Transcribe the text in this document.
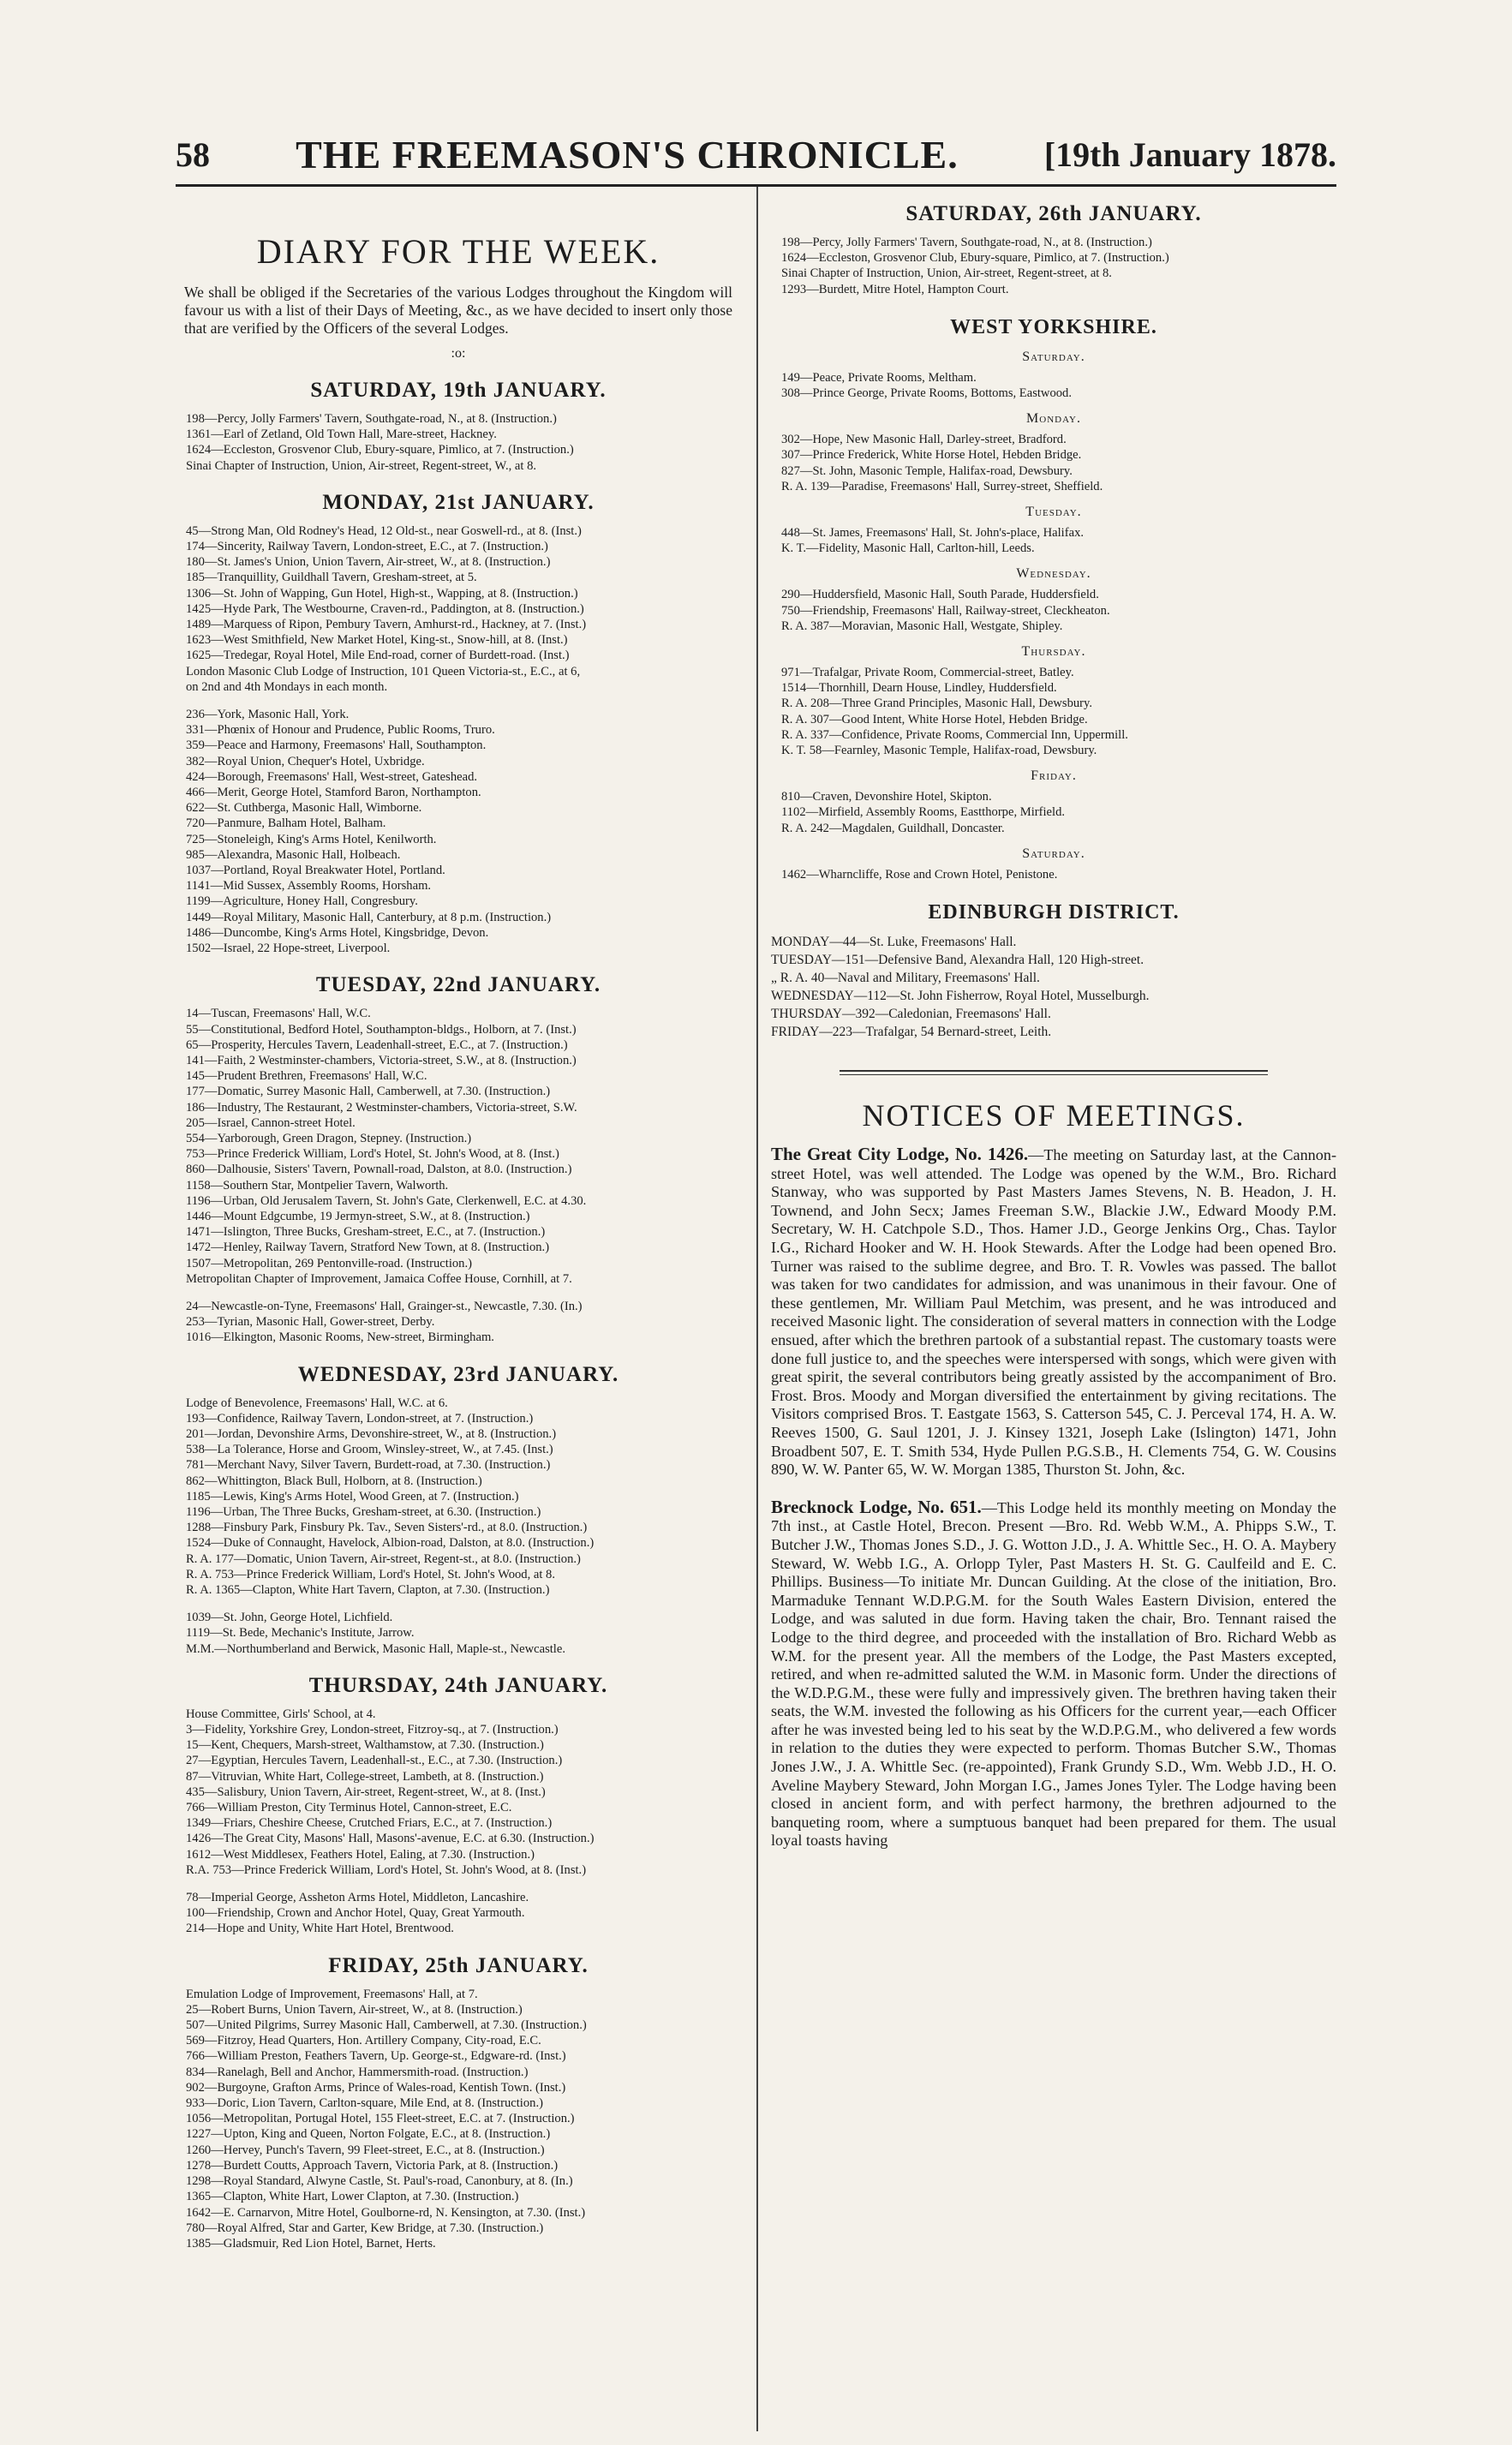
58 THE FREEMASON'S CHRONICLE.	[19th January 1878.
DIARY FOR THE WEEK.
We shall be obliged if the Secretaries of the various Lodges throughout the Kingdom will favour us with a list of their Days of Meeting, &c., as we have decided to insert only those that are verified by the Officers of the several Lodges.
:o:
SATURDAY, 19th JANUARY.
198—Percy, Jolly Farmers' Tavern, Southgate-road, N., at 8. (Instruction.)
1361—Earl of Zetland, Old Town Hall, Mare-street, Hackney.
1624—Eccleston, Grosvenor Club, Ebury-square, Pimlico, at 7. (Instruction.)
Sinai Chapter of Instruction, Union, Air-street, Regent-street, W., at 8.
MONDAY, 21st JANUARY.
45—Strong Man, Old Rodney's Head, 12 Old-st., near Goswell-rd., at 8. (Inst.)
174—Sincerity, Railway Tavern, London-street, E.C., at 7. (Instruction.)
180—St. James's Union, Union Tavern, Air-street, W., at 8. (Instruction.)
185—Tranquillity, Guildhall Tavern, Gresham-street, at 5.
1306—St. John of Wapping, Gun Hotel, High-st., Wapping, at 8. (Instruction.)
1425—Hyde Park, The Westbourne, Craven-rd., Paddington, at 8. (Instruction.)
1489—Marquess of Ripon, Pembury Tavern, Amhurst-rd., Hackney, at 7. (Inst.)
1623—West Smithfield, New Market Hotel, King-st., Snow-hill, at 8. (Inst.)
1625—Tredegar, Royal Hotel, Mile End-road, corner of Burdett-road. (Inst.)
London Masonic Club Lodge of Instruction, 101 Queen Victoria-st., E.C., at 6,
on 2nd and 4th Mondays in each month.
236—York, Masonic Hall, York.
331—Phœnix of Honour and Prudence, Public Rooms, Truro.
359—Peace and Harmony, Freemasons' Hall, Southampton.
382—Royal Union, Chequer's Hotel, Uxbridge.
424—Borough, Freemasons' Hall, West-street, Gateshead.
466—Merit, George Hotel, Stamford Baron, Northampton.
622—St. Cuthberga, Masonic Hall, Wimborne.
720—Panmure, Balham Hotel, Balham.
725—Stoneleigh, King's Arms Hotel, Kenilworth.
985—Alexandra, Masonic Hall, Holbeach.
1037—Portland, Royal Breakwater Hotel, Portland.
1141—Mid Sussex, Assembly Rooms, Horsham.
1199—Agriculture, Honey Hall, Congresbury.
1449—Royal Military, Masonic Hall, Canterbury, at 8 p.m. (Instruction.)
1486—Duncombe, King's Arms Hotel, Kingsbridge, Devon.
1502—Israel, 22 Hope-street, Liverpool.
TUESDAY, 22nd JANUARY.
14—Tuscan, Freemasons' Hall, W.C.
55—Constitutional, Bedford Hotel, Southampton-bldgs., Holborn, at 7. (Inst.)
65—Prosperity, Hercules Tavern, Leadenhall-street, E.C., at 7. (Instruction.)
141—Faith, 2 Westminster-chambers, Victoria-street, S.W., at 8. (Instruction.)
145—Prudent Brethren, Freemasons' Hall, W.C.
177—Domatic, Surrey Masonic Hall, Camberwell, at 7.30. (Instruction.)
186—Industry, The Restaurant, 2 Westminster-chambers, Victoria-street, S.W.
205—Israel, Cannon-street Hotel.
554—Yarborough, Green Dragon, Stepney. (Instruction.)
753—Prince Frederick William, Lord's Hotel, St. John's Wood, at 8. (Inst.)
860—Dalhousie, Sisters' Tavern, Pownall-road, Dalston, at 8.0. (Instruction.)
1158—Southern Star, Montpelier Tavern, Walworth.
1196—Urban, Old Jerusalem Tavern, St. John's Gate, Clerkenwell, E.C. at 4.30.
1446—Mount Edgcumbe, 19 Jermyn-street, S.W., at 8. (Instruction.)
1471—Islington, Three Bucks, Gresham-street, E.C., at 7. (Instruction.)
1472—Henley, Railway Tavern, Stratford New Town, at 8. (Instruction.)
1507—Metropolitan, 269 Pentonville-road. (Instruction.)
Metropolitan Chapter of Improvement, Jamaica Coffee House, Cornhill, at 7.
24—Newcastle-on-Tyne, Freemasons' Hall, Grainger-st., Newcastle, 7.30. (In.)
253—Tyrian, Masonic Hall, Gower-street, Derby.
1016—Elkington, Masonic Rooms, New-street, Birmingham.
WEDNESDAY, 23rd JANUARY.
Lodge of Benevolence, Freemasons' Hall, W.C. at 6.
193—Confidence, Railway Tavern, London-street, at 7. (Instruction.)
201—Jordan, Devonshire Arms, Devonshire-street, W., at 8. (Instruction.)
538—La Tolerance, Horse and Groom, Winsley-street, W., at 7.45. (Inst.)
781—Merchant Navy, Silver Tavern, Burdett-road, at 7.30. (Instruction.)
862—Whittington, Black Bull, Holborn, at 8. (Instruction.)
1185—Lewis, King's Arms Hotel, Wood Green, at 7. (Instruction.)
1196—Urban, The Three Bucks, Gresham-street, at 6.30. (Instruction.)
1288—Finsbury Park, Finsbury Pk. Tav., Seven Sisters'-rd., at 8.0. (Instruction.)
1524—Duke of Connaught, Havelock, Albion-road, Dalston, at 8.0. (Instruction.)
R. A. 177—Domatic, Union Tavern, Air-street, Regent-st., at 8.0. (Instruction.)
R. A. 753—Prince Frederick William, Lord's Hotel, St. John's Wood, at 8.
R. A. 1365—Clapton, White Hart Tavern, Clapton, at 7.30. (Instruction.)
1039—St. John, George Hotel, Lichfield.
1119—St. Bede, Mechanic's Institute, Jarrow.
M.M.—Northumberland and Berwick, Masonic Hall, Maple-st., Newcastle.
THURSDAY, 24th JANUARY.
House Committee, Girls' School, at 4.
3—Fidelity, Yorkshire Grey, London-street, Fitzroy-sq., at 7. (Instruction.)
15—Kent, Chequers, Marsh-street, Walthamstow, at 7.30. (Instruction.)
27—Egyptian, Hercules Tavern, Leadenhall-st., E.C., at 7.30. (Instruction.)
87—Vitruvian, White Hart, College-street, Lambeth, at 8. (Instruction.)
435—Salisbury, Union Tavern, Air-street, Regent-street, W., at 8. (Inst.)
766—William Preston, City Terminus Hotel, Cannon-street, E.C.
1349—Friars, Cheshire Cheese, Crutched Friars, E.C., at 7. (Instruction.)
1426—The Great City, Masons' Hall, Masons'-avenue, E.C. at 6.30. (Instruction.)
1612—West Middlesex, Feathers Hotel, Ealing, at 7.30. (Instruction.)
R.A. 753—Prince Frederick William, Lord's Hotel, St. John's Wood, at 8. (Inst.)
78—Imperial George, Assheton Arms Hotel, Middleton, Lancashire.
100—Friendship, Crown and Anchor Hotel, Quay, Great Yarmouth.
214—Hope and Unity, White Hart Hotel, Brentwood.
FRIDAY, 25th JANUARY.
Emulation Lodge of Improvement, Freemasons' Hall, at 7.
25—Robert Burns, Union Tavern, Air-street, W., at 8. (Instruction.)
507—United Pilgrims, Surrey Masonic Hall, Camberwell, at 7.30. (Instruction.)
569—Fitzroy, Head Quarters, Hon. Artillery Company, City-road, E.C.
766—William Preston, Feathers Tavern, Up. George-st., Edgware-rd. (Inst.)
834—Ranelagh, Bell and Anchor, Hammersmith-road. (Instruction.)
902—Burgoyne, Grafton Arms, Prince of Wales-road, Kentish Town. (Inst.)
933—Doric, Lion Tavern, Carlton-square, Mile End, at 8. (Instruction.)
1056—Metropolitan, Portugal Hotel, 155 Fleet-street, E.C. at 7. (Instruction.)
1227—Upton, King and Queen, Norton Folgate, E.C., at 8. (Instruction.)
1260—Hervey, Punch's Tavern, 99 Fleet-street, E.C., at 8. (Instruction.)
1278—Burdett Coutts, Approach Tavern, Victoria Park, at 8. (Instruction.)
1298—Royal Standard, Alwyne Castle, St. Paul's-road, Canonbury, at 8. (In.)
1365—Clapton, White Hart, Lower Clapton, at 7.30. (Instruction.)
1642—E. Carnarvon, Mitre Hotel, Goulborne-rd, N. Kensington, at 7.30. (Inst.)
780—Royal Alfred, Star and Garter, Kew Bridge, at 7.30. (Instruction.)
1385—Gladsmuir, Red Lion Hotel, Barnet, Herts.
SATURDAY, 26th JANUARY.
198—Percy, Jolly Farmers' Tavern, Southgate-road, N., at 8. (Instruction.)
1624—Eccleston, Grosvenor Club, Ebury-square, Pimlico, at 7. (Instruction.)
Sinai Chapter of Instruction, Union, Air-street, Regent-street, at 8.
1293—Burdett, Mitre Hotel, Hampton Court.
WEST YORKSHIRE.
Saturday.
149—Peace, Private Rooms, Meltham.
308—Prince George, Private Rooms, Bottoms, Eastwood.
Monday.
302—Hope, New Masonic Hall, Darley-street, Bradford.
307—Prince Frederick, White Horse Hotel, Hebden Bridge.
827—St. John, Masonic Temple, Halifax-road, Dewsbury.
R. A. 139—Paradise, Freemasons' Hall, Surrey-street, Sheffield.
Tuesday.
448—St. James, Freemasons' Hall, St. John's-place, Halifax.
K. T.—Fidelity, Masonic Hall, Carlton-hill, Leeds.
Wednesday.
290—Huddersfield, Masonic Hall, South Parade, Huddersfield.
750—Friendship, Freemasons' Hall, Railway-street, Cleckheaton.
R. A. 387—Moravian, Masonic Hall, Westgate, Shipley.
Thursday.
971—Trafalgar, Private Room, Commercial-street, Batley.
1514—Thornhill, Dearn House, Lindley, Huddersfield.
R. A. 208—Three Grand Principles, Masonic Hall, Dewsbury.
R. A. 307—Good Intent, White Horse Hotel, Hebden Bridge.
R. A. 337—Confidence, Private Rooms, Commercial Inn, Uppermill.
K. T. 58—Fearnley, Masonic Temple, Halifax-road, Dewsbury.
Friday.
810—Craven, Devonshire Hotel, Skipton.
1102—Mirfield, Assembly Rooms, Eastthorpe, Mirfield.
R. A. 242—Magdalen, Guildhall, Doncaster.
Saturday.
1462—Wharncliffe, Rose and Crown Hotel, Penistone.
EDINBURGH DISTRICT.
MONDAY—44—St. Luke, Freemasons' Hall.
TUESDAY—151—Defensive Band, Alexandra Hall, 120 High-street.
„ R. A. 40—Naval and Military, Freemasons' Hall.
WEDNESDAY—112—St. John Fisherrow, Royal Hotel, Musselburgh.
THURSDAY—392—Caledonian, Freemasons' Hall.
FRIDAY—223—Trafalgar, 54 Bernard-street, Leith.
NOTICES OF MEETINGS.

The Great City Lodge, No. 1426.—The meeting on Saturday last, at the Cannon-street Hotel, was well attended. The Lodge was opened by the W.M., Bro. Richard Stanway, who was supported by Past Masters James Stevens, N. B. Headon, J. H. Townend, and John Secx; James Freeman S.W., Blackie J.W., Edward Moody P.M. Secretary, W. H. Catchpole S.D., Thos. Hamer J.D., George Jenkins Org., Chas. Taylor I.G., Richard Hooker and W. H. Hook Stewards. After the Lodge had been opened Bro. Turner was raised to the sublime degree, and Bro. T. R. Vowles was passed. The ballot was taken for two candidates for admission, and was unanimous in their favour. One of these gentlemen, Mr. William Paul Metchim, was present, and he was introduced and received Masonic light. The consideration of several matters in connection with the Lodge ensued, after which the brethren partook of a substantial repast. The customary toasts were done full justice to, and the speeches were interspersed with songs, which were given with great spirit, the several contributors being greatly assisted by the accompaniment of Bro. Frost. Bros. Moody and Morgan diversified the entertainment by giving recitations. The Visitors comprised Bros. T. Eastgate 1563, S. Catterson 545, C. J. Perceval 174, H. A. W. Reeves 1500, G. Saul 1201, J. J. Kinsey 1321, Joseph Lake (Islington) 1471, John Broadbent 507, E. T. Smith 534, Hyde Pullen P.G.S.B., H. Clements 754, G. W. Cousins 890, W. W. Panter 65, W. W. Morgan 1385, Thurston St. John, &c.

Brecknock Lodge, No. 651.—This Lodge held its monthly meeting on Monday the 7th inst., at Castle Hotel, Brecon. Present —Bro. Rd. Webb W.M., A. Phipps S.W., T. Butcher J.W., Thomas Jones S.D., J. G. Wotton J.D., J. A. Whittle Sec., H. O. A. Maybery Steward, W. Webb I.G., A. Orlopp Tyler, Past Masters H. St. G. Caulfeild and E. C. Phillips. Business—To initiate Mr. Duncan Guilding. At the close of the initiation, Bro. Marmaduke Tennant W.D.P.G.M. for the South Wales Eastern Division, entered the Lodge, and was saluted in due form. Having taken the chair, Bro. Tennant raised the Lodge to the third degree, and proceeded with the installation of Bro. Richard Webb as W.M. for the present year. All the members of the Lodge, the Past Masters excepted, retired, and when re-admitted saluted the W.M. in Masonic form. Under the directions of the W.D.P.G.M., these were fully and impressively given. The brethren having taken their seats, the W.M. invested the following as his Officers for the current year,—each Officer after he was invested being led to his seat by the W.D.P.G.M., who delivered a few words in relation to the duties they were expected to perform. Thomas Butcher S.W., Thomas Jones J.W., J. A. Whittle Sec. (re-appointed), Frank Grundy S.D., Wm. Webb J.D., H. O. Aveline Maybery Steward, John Morgan I.G., James Jones Tyler. The Lodge having been closed in ancient form, and with perfect harmony, the brethren adjourned to the banqueting room, where a sumptuous banquet had been prepared for them. The usual loyal toasts having
